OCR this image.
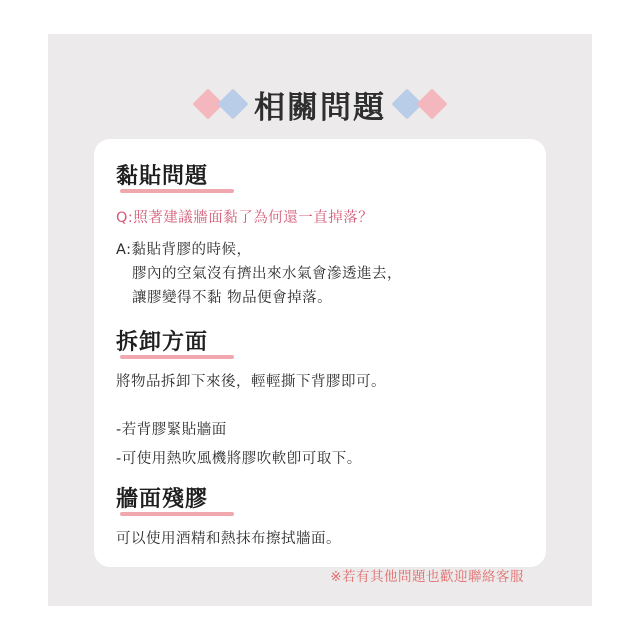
相關問題
黏貼問題
Q:照著建議牆面黏了為何還一直掉落？
A:黏貼背膠的時候，
膠內的空氣沒有擠出來水氣會滲透進去，
讓膠變得不黏 物品便會掉落。
拆卸方面
將物品拆卸下來後，輕輕撕下背膠即可。
-若背膠緊貼牆面
-可使用熱吹風機將膠吹軟卽可取下。
牆面殘膠
可以使用酒精和熱抹布擦拭牆面。
※若有其他問題也歡迎聯絡客服
